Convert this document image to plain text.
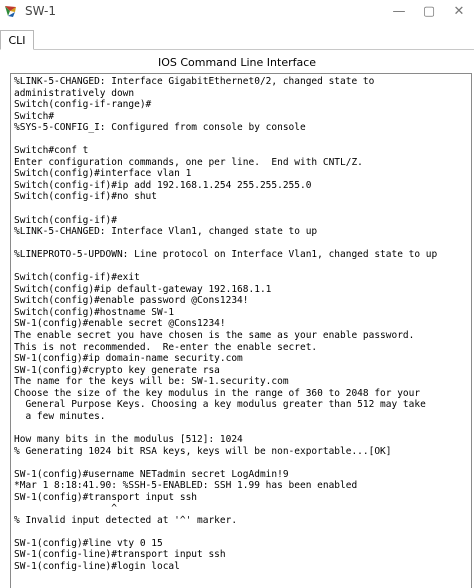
SW-1	—	▢	✕
CLI
IOS Command Line Interface
%LINK-5-CHANGED: Interface GigabitEthernet0/2, changed state to
administratively down
Switch(config-if-range)#
Switch#
%SYS-5-CONFIG_I: Configured from console by console
Switch#conf t
Enter configuration commands, one per line.  End with CNTL/Z.
Switch(config)#interface vlan 1
Switch(config-if)#ip add 192.168.1.254 255.255.255.0
Switch(config-if)#no shut
Switch(config-if)#
%LINK-5-CHANGED: Interface Vlan1, changed state to up
%LINEPROTO-5-UPDOWN: Line protocol on Interface Vlan1, changed state to up
Switch(config-if)#exit
Switch(config)#ip default-gateway 192.168.1.1
Switch(config)#enable password @Cons1234!
Switch(config)#hostname SW-1
SW-1(config)#enable secret @Cons1234!
The enable secret you have chosen is the same as your enable password.
This is not recommended.  Re-enter the enable secret.
SW-1(config)#ip domain-name security.com
SW-1(config)#crypto key generate rsa
The name for the keys will be: SW-1.security.com
Choose the size of the key modulus in the range of 360 to 2048 for your
General Purpose Keys. Choosing a key modulus greater than 512 may take
a few minutes.
How many bits in the modulus [512]: 1024
% Generating 1024 bit RSA keys, keys will be non-exportable...[OK]
SW-1(config)#username NETadmin secret LogAdmin!9
*Mar 1 8:18:41.90: %SSH-5-ENABLED: SSH 1.99 has been enabled
SW-1(config)#transport input ssh
^
% Invalid input detected at '^' marker.
SW-1(config)#line vty 0 15
SW-1(config-line)#transport input ssh
SW-1(config-line)#login local
